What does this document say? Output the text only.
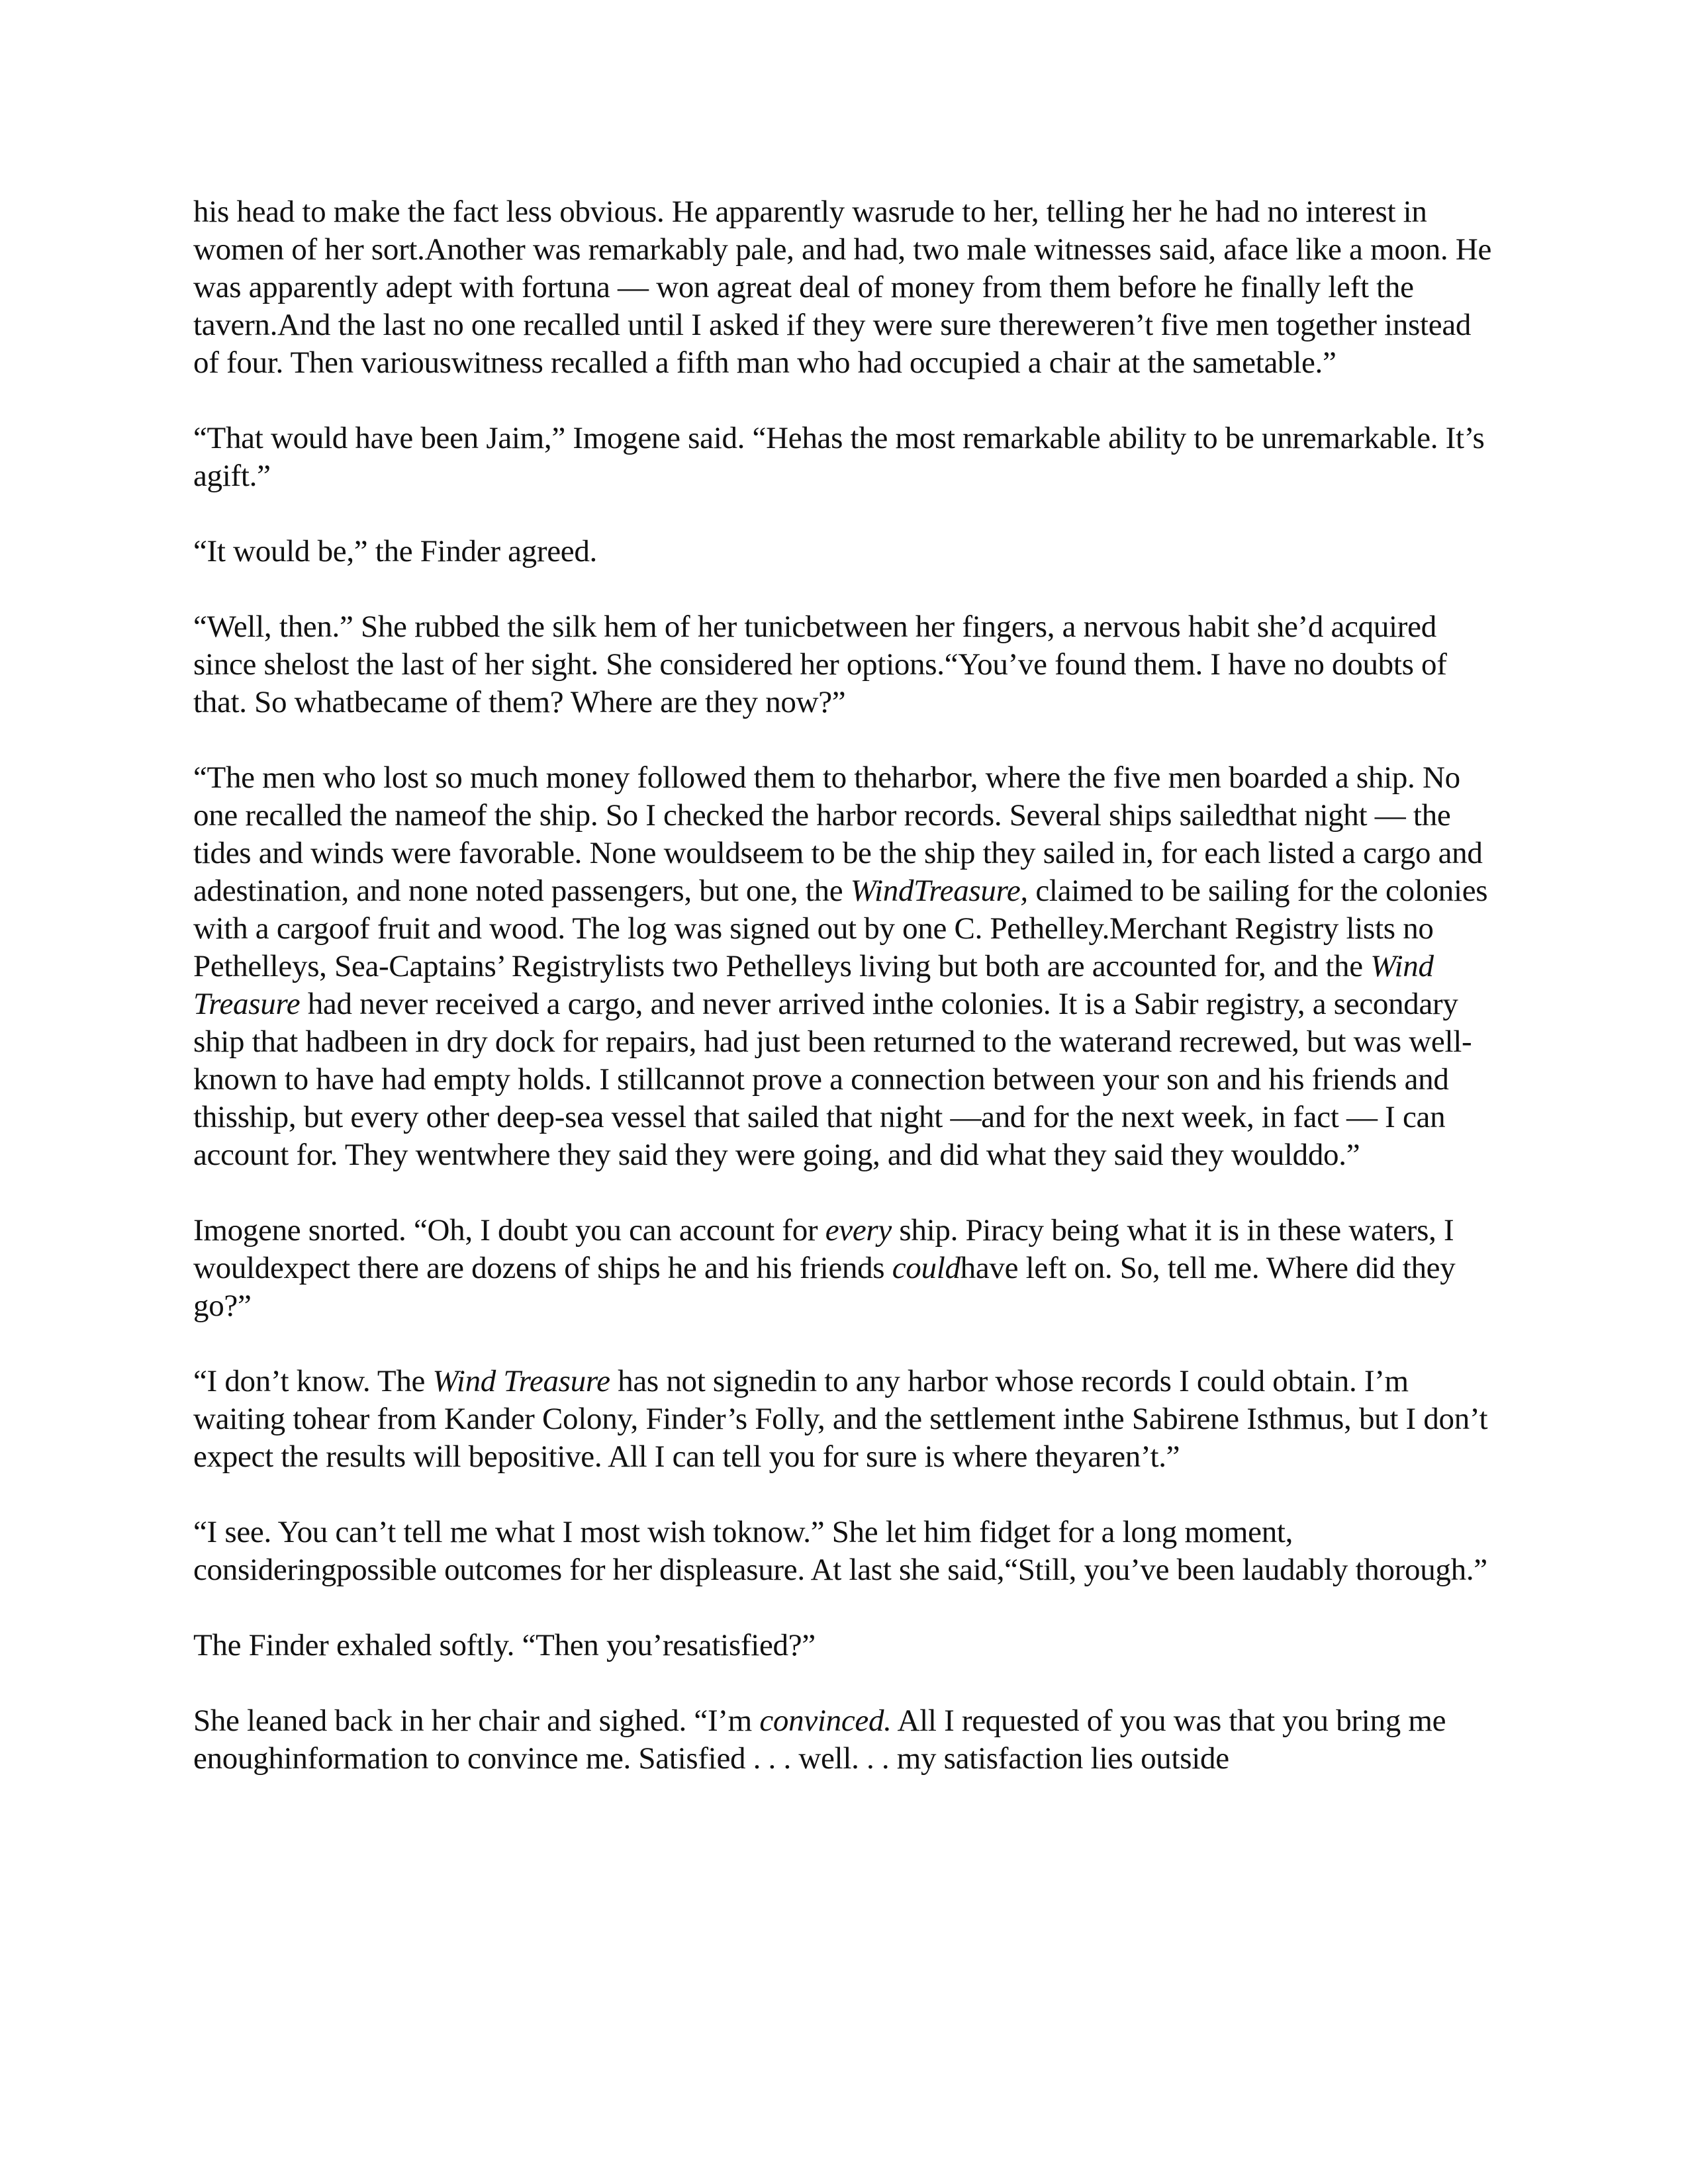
his head to make the fact less obvious. He apparently wasrude to her, telling her he had no interest in women of her sort.Another was remarkably pale, and had, two male witnesses said, aface like a moon. He was apparently adept with fortuna — won agreat deal of money from them before he finally left the tavern.And the last no one recalled until I asked if they were sure thereweren’t five men together instead of four. Then variouswitness recalled a fifth man who had occupied a chair at the sametable.”

“That would have been Jaim,” Imogene said. “Hehas the most remarkable ability to be unremarkable. It’s agift.”

“It would be,” the Finder agreed.

“Well, then.” She rubbed the silk hem of her tunicbetween her fingers, a nervous habit she’d acquired since shelost the last of her sight. She considered her options.“You’ve found them. I have no doubts of that. So whatbecame of them? Where are they now?”

“The men who lost so much money followed them to theharbor, where the five men boarded a ship. No one recalled the nameof the ship. So I checked the harbor records. Several ships sailedthat night — the tides and winds were favorable. None wouldseem to be the ship they sailed in, for each listed a cargo and adestination, and none noted passengers, but one, the WindTreasure, claimed to be sailing for the colonies with a cargoof fruit and wood. The log was signed out by one C. Pethelley.Merchant Registry lists no Pethelleys, Sea-Captains’ Registrylists two Pethelleys living but both are accounted for, and the Wind Treasure had never received a cargo, and never arrived inthe colonies. It is a Sabir registry, a secondary ship that hadbeen in dry dock for repairs, had just been returned to the waterand recrewed, but was well-known to have had empty holds. I stillcannot prove a connection between your son and his friends and thisship, but every other deep-sea vessel that sailed that night —and for the next week, in fact — I can account for. They wentwhere they said they were going, and did what they said they woulddo.”

Imogene snorted. “Oh, I doubt you can account for every ship. Piracy being what it is in these waters, I wouldexpect there are dozens of ships he and his friends couldhave left on. So, tell me. Where did they go?”

“I don’t know. The Wind Treasure has not signedin to any harbor whose records I could obtain. I’m waiting tohear from Kander Colony, Finder’s Folly, and the settlement inthe Sabirene Isthmus, but I don’t expect the results will bepositive. All I can tell you for sure is where theyaren’t.”

“I see. You can’t tell me what I most wish toknow.” She let him fidget for a long moment, consideringpossible outcomes for her displeasure. At last she said,“Still, you’ve been laudably thorough.”

The Finder exhaled softly. “Then you’resatisfied?”

She leaned back in her chair and sighed. “I’m convinced. All I requested of you was that you bring me enoughinformation to convince me. Satisfied . . . well. . . my satisfaction lies outside
